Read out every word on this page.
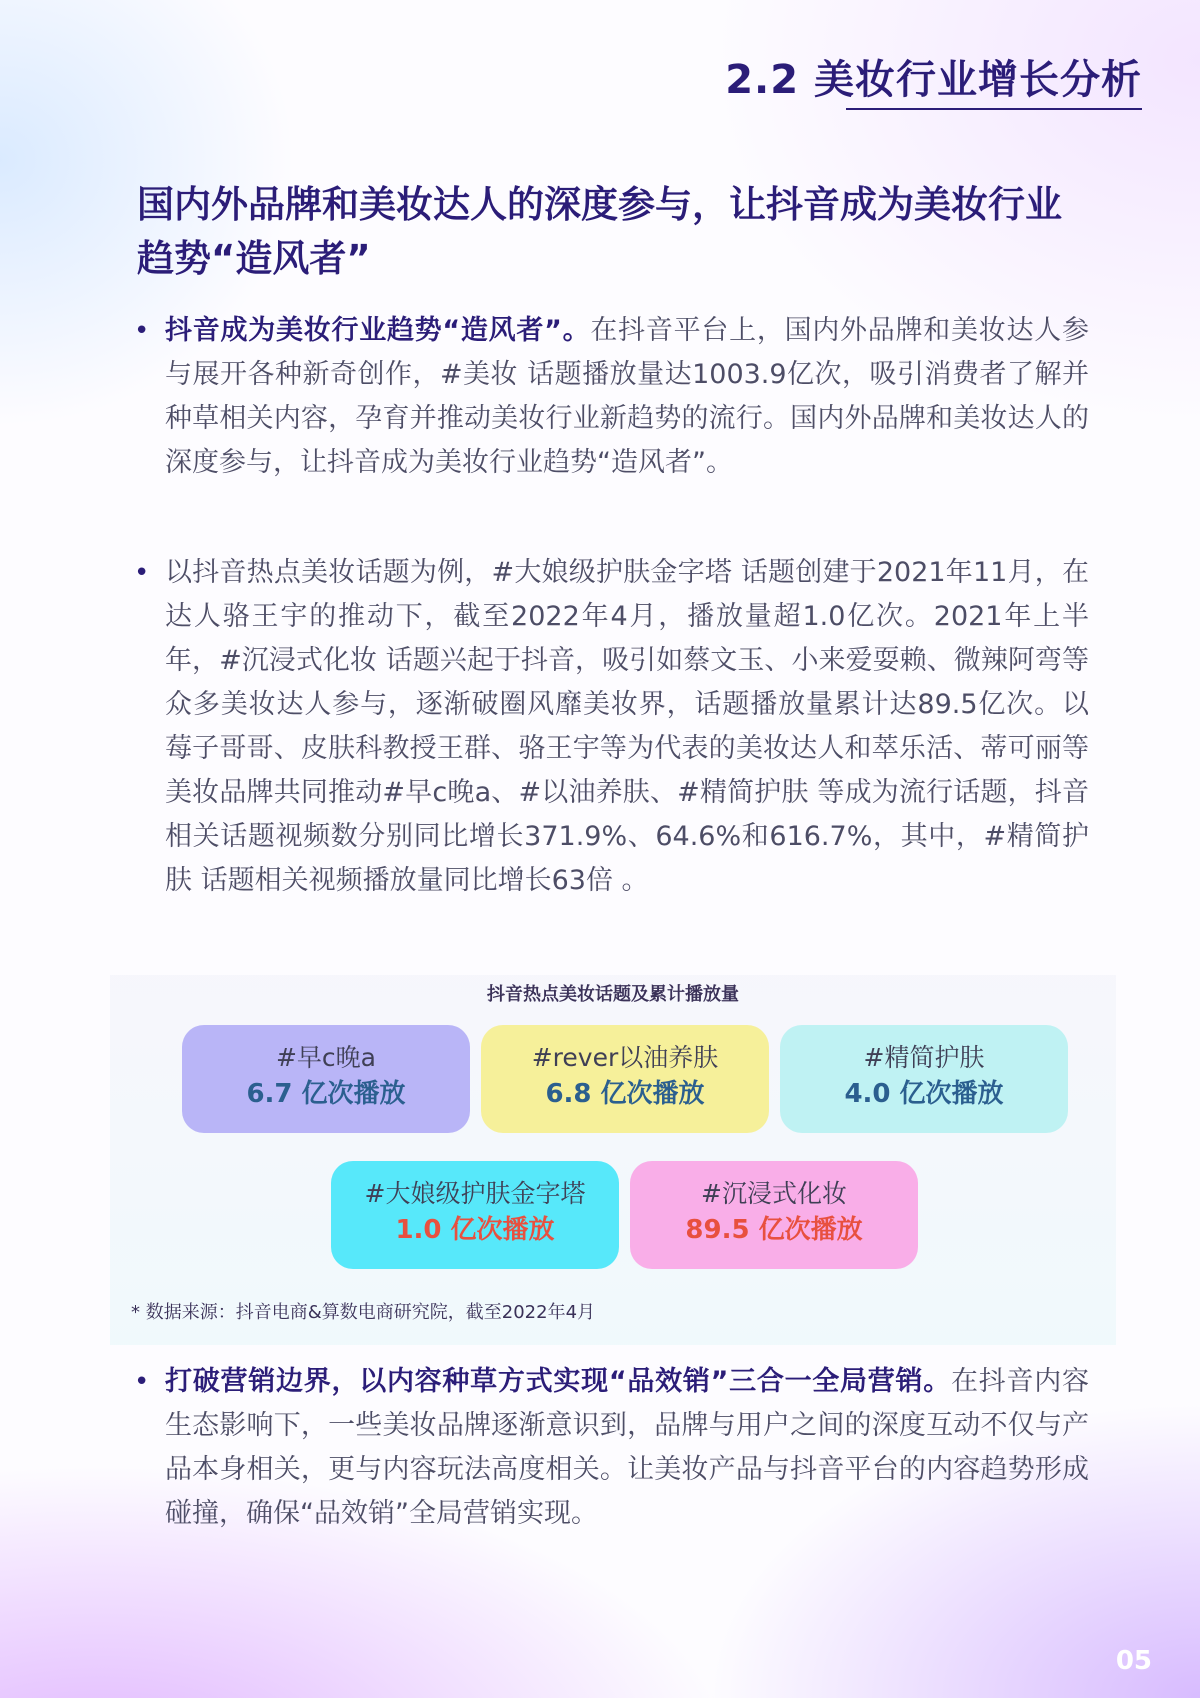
2.2 美妆行业增长分析
国内外品牌和美妆达人的深度参与，让抖音成为美妆行业趋势“造风者”
• 抖音成为美妆行业趋势“造风者”。在抖音平台上，国内外品牌和美妆达人参与展开各种新奇创作，#美妆 话题播放量达1003.9亿次，吸引消费者了解并种草相关内容，孕育并推动美妆行业新趋势的流行。国内外品牌和美妆达人的深度参与，让抖音成为美妆行业趋势“造风者”。
• 以抖音热点美妆话题为例，#大娘级护肤金字塔 话题创建于2021年11月，在达人骆王宇的推动下，截至2022年4月，播放量超1.0亿次。2021年上半年，#沉浸式化妆 话题兴起于抖音，吸引如蔡文玉、小来爱耍赖、微辣阿弯等众多美妆达人参与，逐渐破圈风靡美妆界，话题播放量累计达89.5亿次。以莓子哥哥、皮肤科教授王群、骆王宇等为代表的美妆达人和萃乐活、蒂可丽等美妆品牌共同推动#早c晚a、#以油养肤、#精简护肤 等成为流行话题，抖音相关话题视频数分别同比增长371.9%、64.6%和616.7%，其中，#精简护肤 话题相关视频播放量同比增长63倍 。
抖音热点美妆话题及累计播放量
#早c晚a
6.7 亿次播放
#rever以油养肤
6.8 亿次播放
#精简护肤
4.0 亿次播放
#大娘级护肤金字塔
1.0 亿次播放
#沉浸式化妆
89.5 亿次播放
* 数据来源：抖音电商&算数电商研究院，截至2022年4月
• 打破营销边界，以内容种草方式实现“品效销”三合一全局营销。在抖音内容生态影响下，一些美妆品牌逐渐意识到，品牌与用户之间的深度互动不仅与产品本身相关，更与内容玩法高度相关。让美妆产品与抖音平台的内容趋势形成碰撞，确保“品效销”全局营销实现。
05
